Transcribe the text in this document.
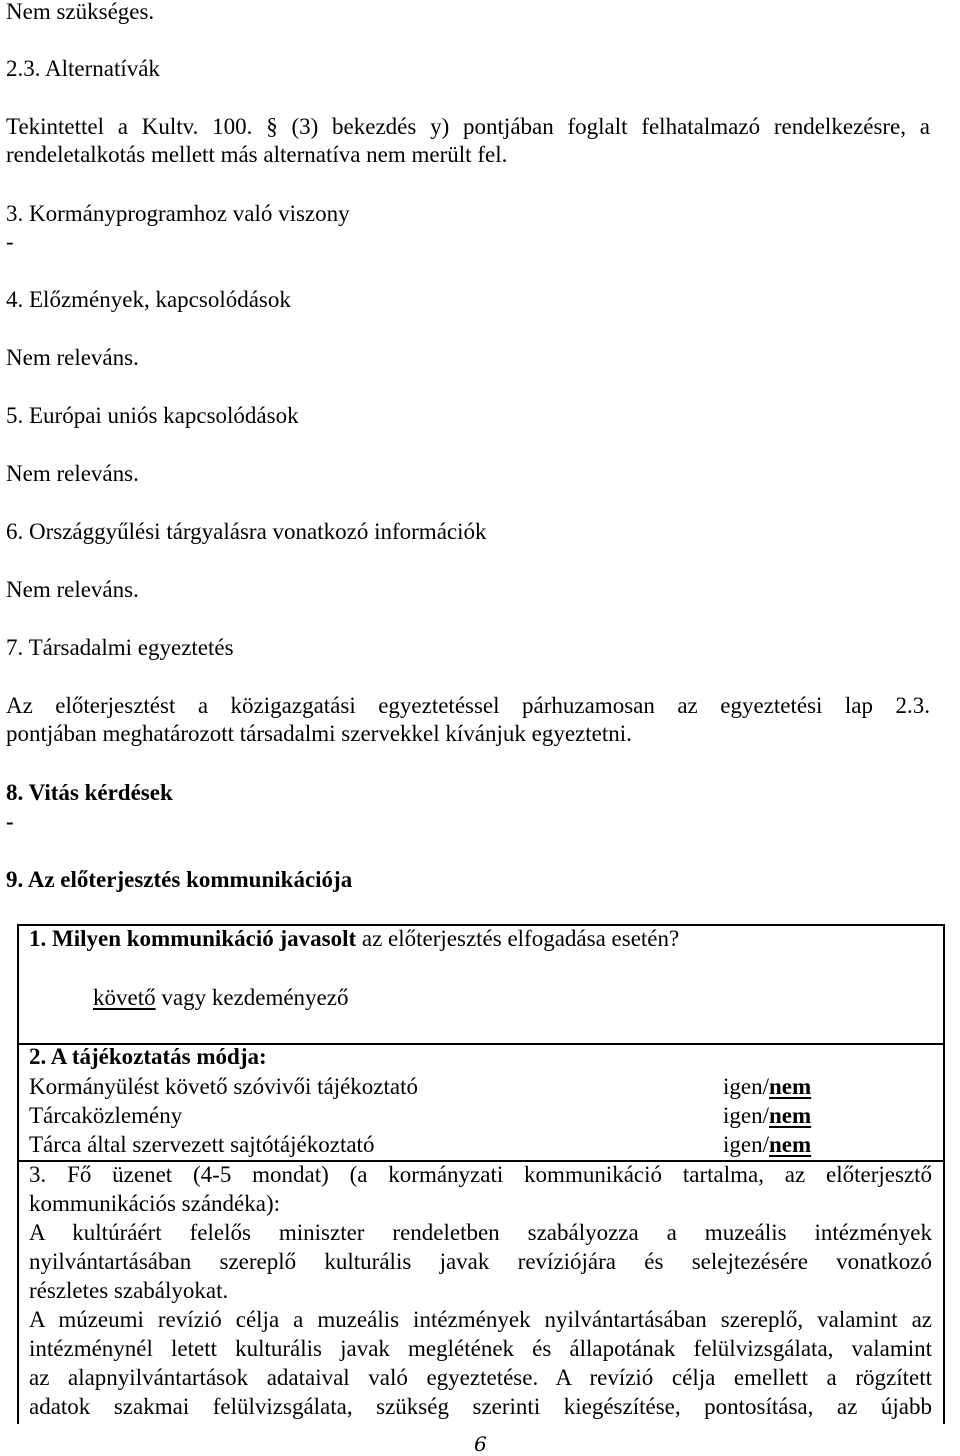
Nem szükséges.
2.3. Alternatívák
Tekintettel a Kultv. 100. § (3) bekezdés y) pontjában foglalt felhatalmazó rendelkezésre, a
rendeletalkotás mellett más alternatíva nem merült fel.
3. Kormányprogramhoz való viszony
-
4. Előzmények, kapcsolódások
Nem releváns.
5. Európai uniós kapcsolódások
Nem releváns.
6. Országgyűlési tárgyalásra vonatkozó információk
Nem releváns.
7. Társadalmi egyeztetés
Az előterjesztést a közigazgatási egyeztetéssel párhuzamosan az egyeztetési lap 2.3.
pontjában meghatározott társadalmi szervekkel kívánjuk egyeztetni.
8. Vitás kérdések
-
9. Az előterjesztés kommunikációja
1. Milyen kommunikáció javasolt az előterjesztés elfogadása esetén?
követő vagy kezdeményező
2. A tájékoztatás módja:
Kormányülést követő szóvivői tájékoztató	igen/nem
Tárcaközlemény	igen/nem
Tárca által szervezett sajtótájékoztató	igen/nem
3. Fő üzenet (4-5 mondat) (a kormányzati kommunikáció tartalma, az előterjesztő
kommunikációs szándéka):
A kultúráért felelős miniszter rendeletben szabályozza a muzeális intézmények
nyilvántartásában szereplő kulturális javak revíziójára és selejtezésére vonatkozó
részletes szabályokat.
A múzeumi revízió célja a muzeális intézmények nyilvántartásában szereplő, valamint az
intézménynél letett kulturális javak meglétének és állapotának felülvizsgálata, valamint
az alapnyilvántartások adataival való egyeztetése. A revízió célja emellett a rögzített
adatok szakmai felülvizsgálata, szükség szerinti kiegészítése, pontosítása, az újabb
6
